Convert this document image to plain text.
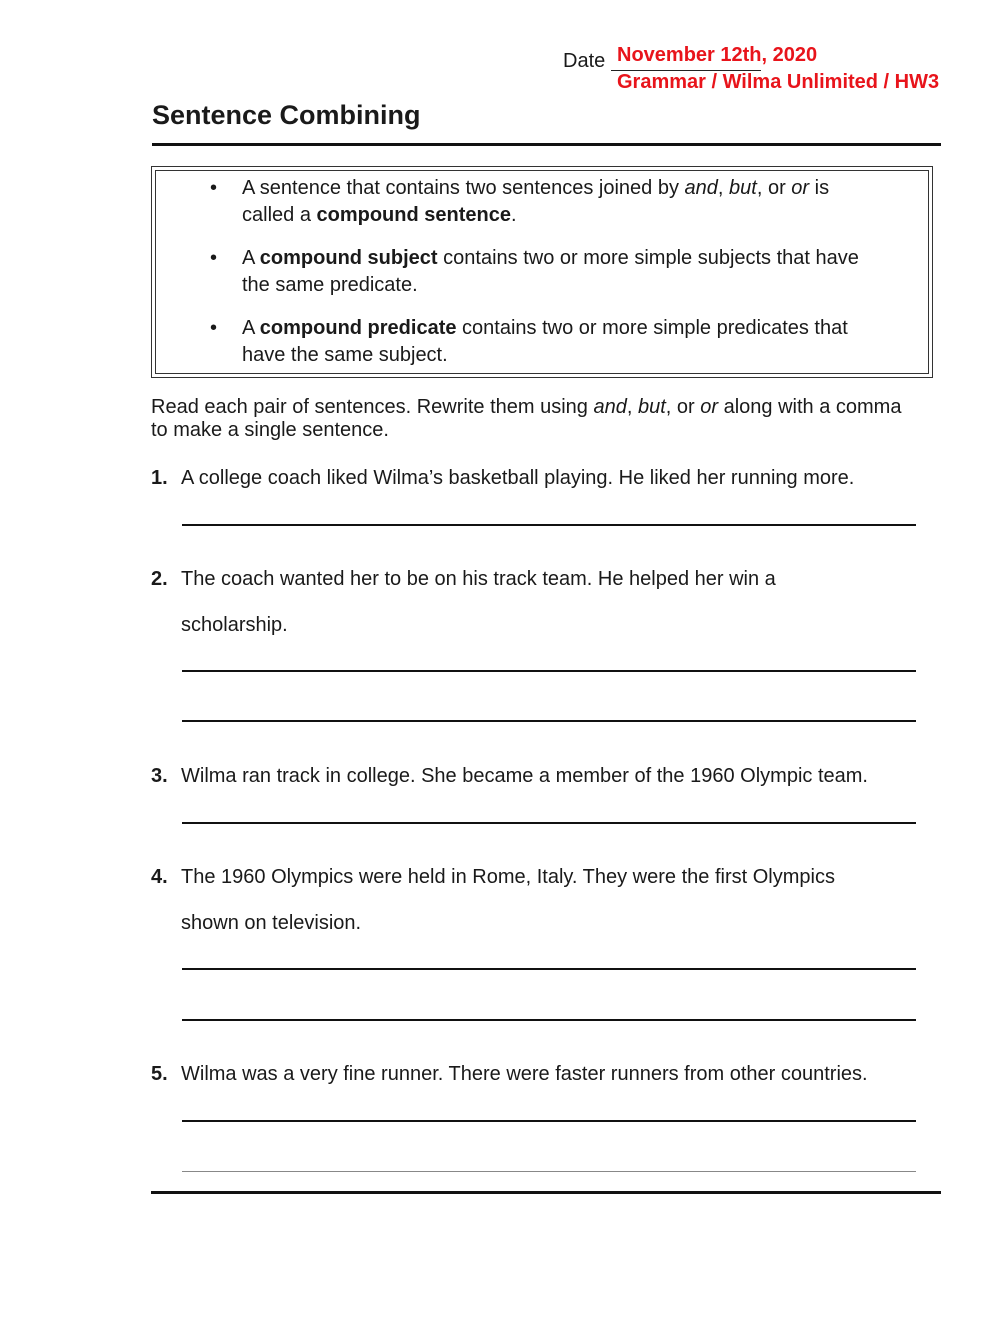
Date November 12th, 2020
Grammar / Wilma Unlimited / HW3
Sentence Combining
• A sentence that contains two sentences joined by and, but, or or is called a compound sentence.
• A compound subject contains two or more simple subjects that have the same predicate.
• A compound predicate contains two or more simple predicates that have the same subject.
Read each pair of sentences. Rewrite them using and, but, or or along with a comma to make a single sentence.
1. A college coach liked Wilma’s basketball playing. He liked her running more.
2. The coach wanted her to be on his track team. He helped her win a
scholarship.
3. Wilma ran track in college. She became a member of the 1960 Olympic team.
4. The 1960 Olympics were held in Rome, Italy. They were the first Olympics
shown on television.
5. Wilma was a very fine runner. There were faster runners from other countries.
